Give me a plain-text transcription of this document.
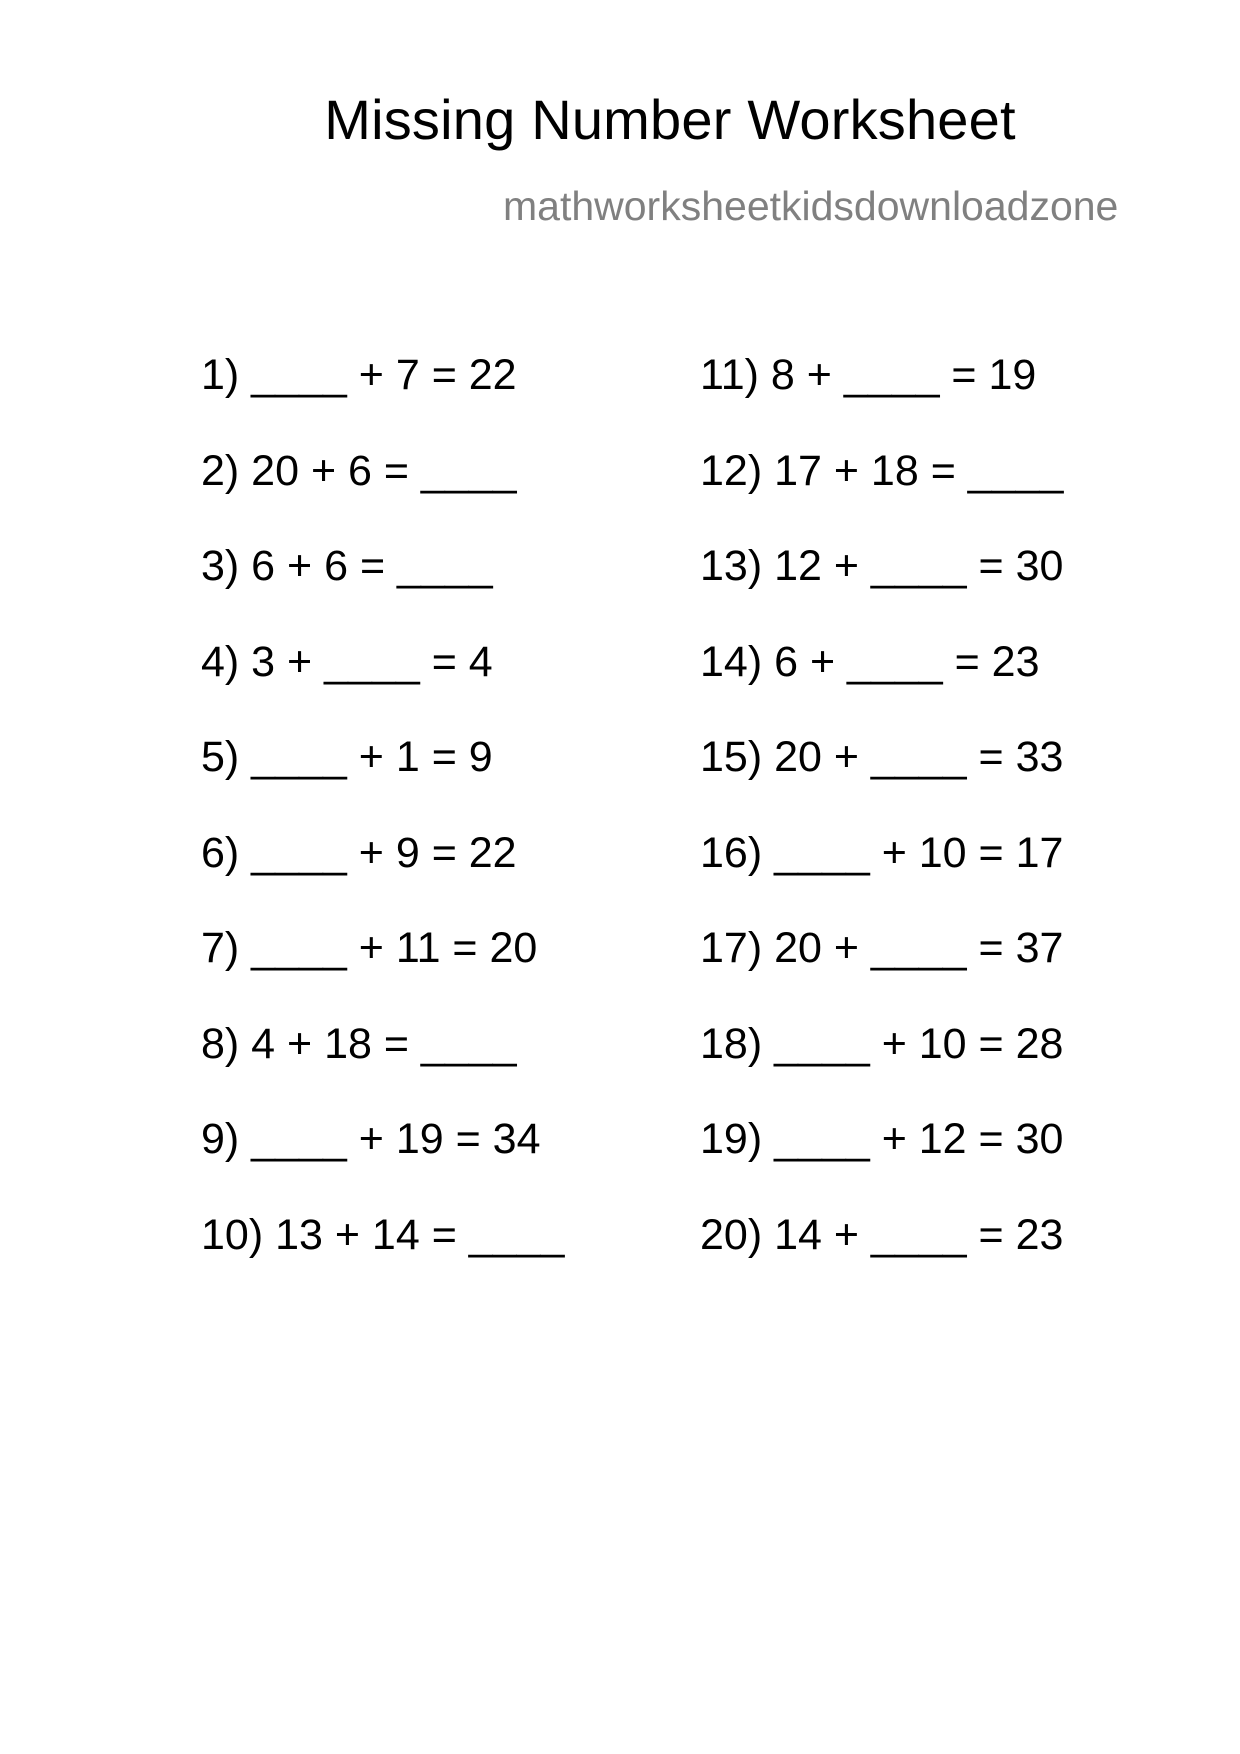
Missing Number Worksheet
mathworksheetkidsdownloadzone
1) ____ + 7 = 22
2) 20 + 6 = ____
3) 6 + 6 = ____
4) 3 + ____ = 4
5) ____ + 1 = 9
6) ____ + 9 = 22
7) ____ + 11 = 20
8) 4 + 18 = ____
9) ____ + 19 = 34
10) 13 + 14 = ____
11) 8 + ____ = 19
12) 17 + 18 = ____
13) 12 + ____ = 30
14) 6 + ____ = 23
15) 20 + ____ = 33
16) ____ + 10 = 17
17) 20 + ____ = 37
18) ____ + 10 = 28
19) ____ + 12 = 30
20) 14 + ____ = 23
